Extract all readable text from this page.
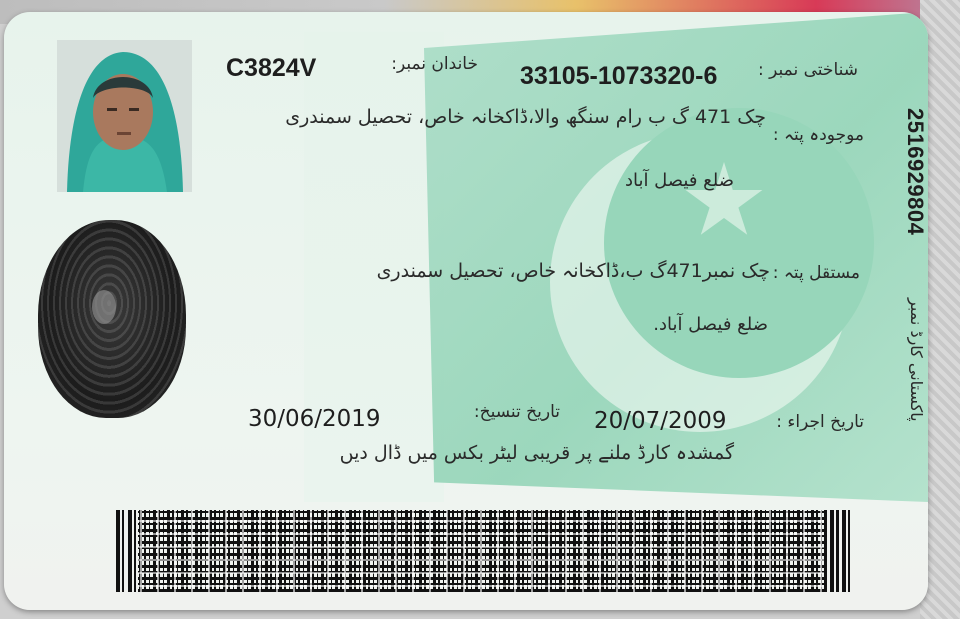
خاندان نمبر:
C3824V	شناختی نمبر :
33105-1073320-6
موجودہ پتہ :
چک 471 گ ب رام سنگھ والا،ڈاکخانہ خاص، تحصیل سمندری
ضلع فیصل آباد
مستقل پتہ :
چک نمبر471گ ب،ڈاکخانہ خاص، تحصیل سمندری
ضلع فیصل آباد.
تاریخ تنسیخ:
30/06/2019	تاریخ اجراء :
20/07/2009
گمشدہ کارڈ ملنے پر قریبی لیٹر بکس میں ڈال دیں
2516929804
پاکستانی کارڈ نمبر
